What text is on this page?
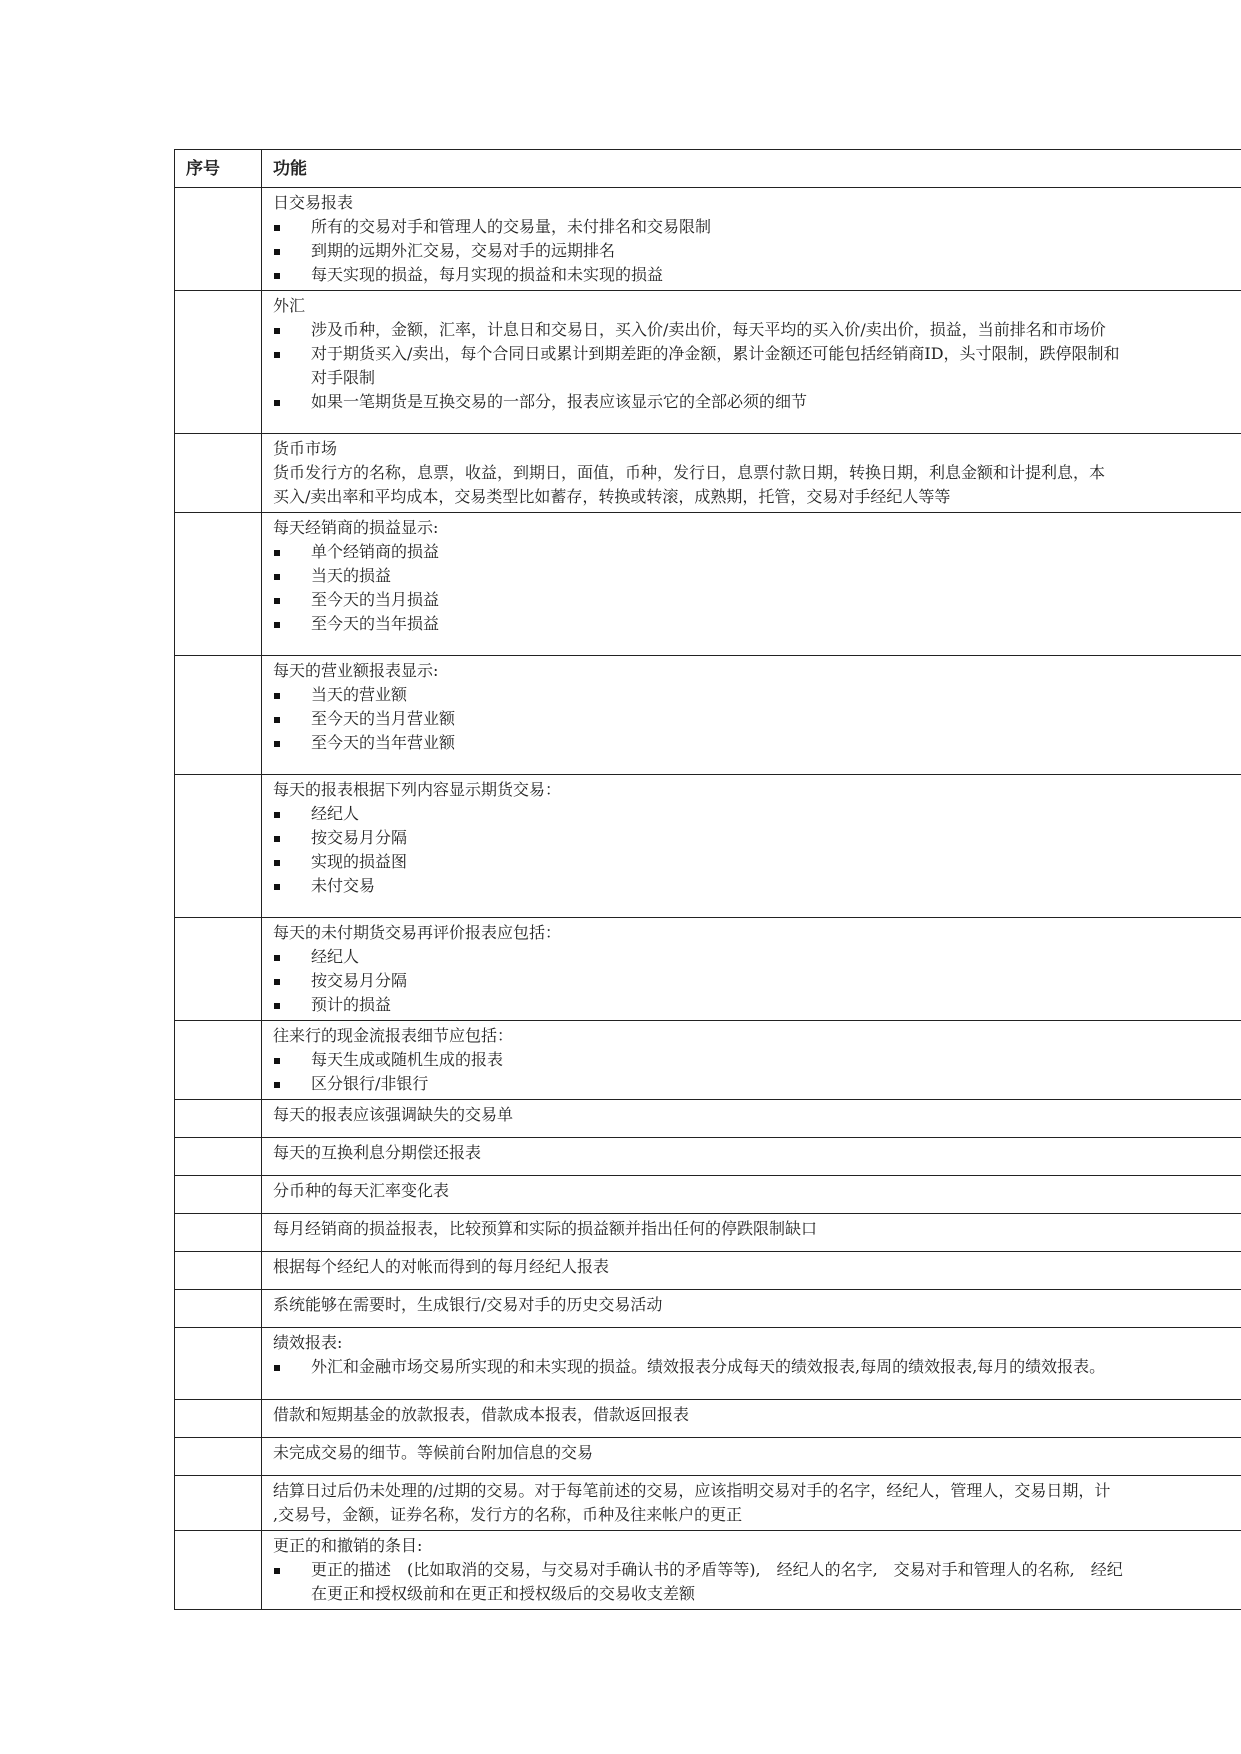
序号	功能

	日交易报表
所有的交易对手和管理人的交易量，未付排名和交易限制
到期的远期外汇交易，交易对手的远期排名
每天实现的损益，每月实现的损益和未实现的损益

	外汇
涉及币种，金额，汇率，计息日和交易日，买入价/卖出价，每天平均的买入价/卖出价，损益，当前排名和市场价
对于期货买入/卖出，每个合同日或累计到期差距的净金额，累计金额还可能包括经销商ID，头寸限制，跌停限制和
对手限制
如果一笔期货是互换交易的一部分，报表应该显示它的全部必须的细节

	货币市场
货币发行方的名称，息票，收益，到期日，面值，币种，发行日，息票付款日期，转换日期，利息金额和计提利息，本
买入/卖出率和平均成本，交易类型比如蓄存，转换或转滚，成熟期，托管，交易对手经纪人等等

	每天经销商的损益显示:
单个经销商的损益
当天的损益
至今天的当月损益
至今天的当年损益

	每天的营业额报表显示:
当天的营业额
至今天的当月营业额
至今天的当年营业额

	每天的报表根据下列内容显示期货交易：
经纪人
按交易月分隔
实现的损益图
未付交易

	每天的未付期货交易再评价报表应包括：
经纪人
按交易月分隔
预计的损益

	往来行的现金流报表细节应包括：
每天生成或随机生成的报表
区分银行/非银行

	每天的报表应该强调缺失的交易单

	每天的互换利息分期偿还报表

	分币种的每天汇率变化表

	每月经销商的损益报表，比较预算和实际的损益额并指出任何的停跌限制缺口

	根据每个经纪人的对帐而得到的每月经纪人报表

	系统能够在需要时，生成银行/交易对手的历史交易活动

	绩效报表:
外汇和金融市场交易所实现的和未实现的损益。绩效报表分成每天的绩效报表,每周的绩效报表,每月的绩效报表。

	借款和短期基金的放款报表，借款成本报表，借款返回报表

	未完成交易的细节。等候前台附加信息的交易

	结算日过后仍未处理的/过期的交易。对于每笔前述的交易，应该指明交易对手的名字，经纪人，管理人，交易日期，计
,交易号，金额，证券名称，发行方的名称，币种及往来帐户的更正

	更正的和撤销的条目:
更正的描述　(比如取消的交易，与交易对手确认书的矛盾等等),　经纪人的名字,　交易对手和管理人的名称,　经纪
在更正和授权级前和在更正和授权级后的交易收支差额
